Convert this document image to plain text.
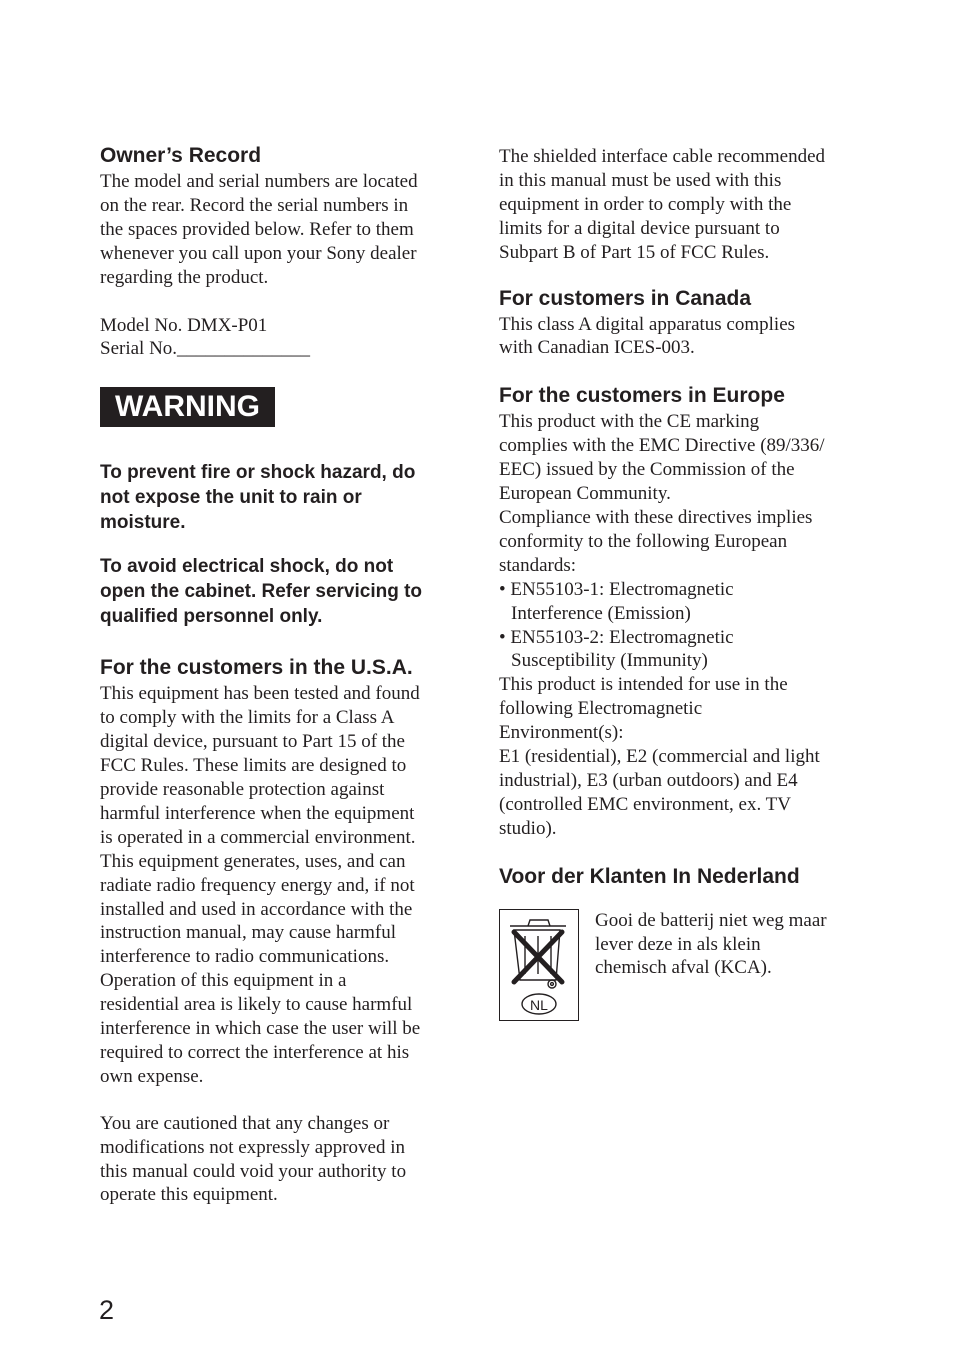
Owner’s Record

The model and serial numbers are located
on the rear. Record the serial numbers in
the spaces provided below. Refer to them
whenever you call upon your Sony dealer
regarding the product.

Model No. DMX-P01

Serial No.______________

WARNING

To prevent fire or shock hazard, do
not expose the unit to rain or
moisture.

To avoid electrical shock, do not
open the cabinet. Refer servicing to
qualified personnel only.

For the customers in the U.S.A.

This equipment has been tested and found
to comply with the limits for a Class A
digital device, pursuant to Part 15 of the
FCC Rules. These limits are designed to
provide reasonable protection against
harmful interference when the equipment
is operated in a commercial environment.
This equipment generates, uses, and can
radiate radio frequency energy and, if not
installed and used in accordance with the
instruction manual, may cause harmful
interference to radio communications.
Operation of this equipment in a
residential area is likely to cause harmful
interference in which case the user will be
required to correct the interference at his
own expense.

You are cautioned that any changes or
modifications not expressly approved in
this manual could void your authority to
operate this equipment.

The shielded interface cable recommended
in this manual must be used with this
equipment in order to comply with the
limits for a digital device pursuant to
Subpart B of Part 15 of FCC Rules.

For customers in Canada

This class A digital apparatus complies
with Canadian ICES-003.

For the customers in Europe

This product with the CE marking
complies with the EMC Directive (89/336/
EEC) issued by the Commission of the
European Community.
Compliance with these directives implies
conformity to the following European
standards:

• EN55103-1: Electromagnetic
Interference (Emission)

• EN55103-2: Electromagnetic
Susceptibility (Immunity)

This product is intended for use in the
following Electromagnetic
Environment(s):
E1 (residential), E2 (commercial and light
industrial), E3 (urban outdoors) and E4
(controlled EMC environment, ex. TV
studio).

Voor der Klanten In Nederland
NL

Gooi de batterij niet weg maar
lever deze in als klein
chemisch afval (KCA).

2
